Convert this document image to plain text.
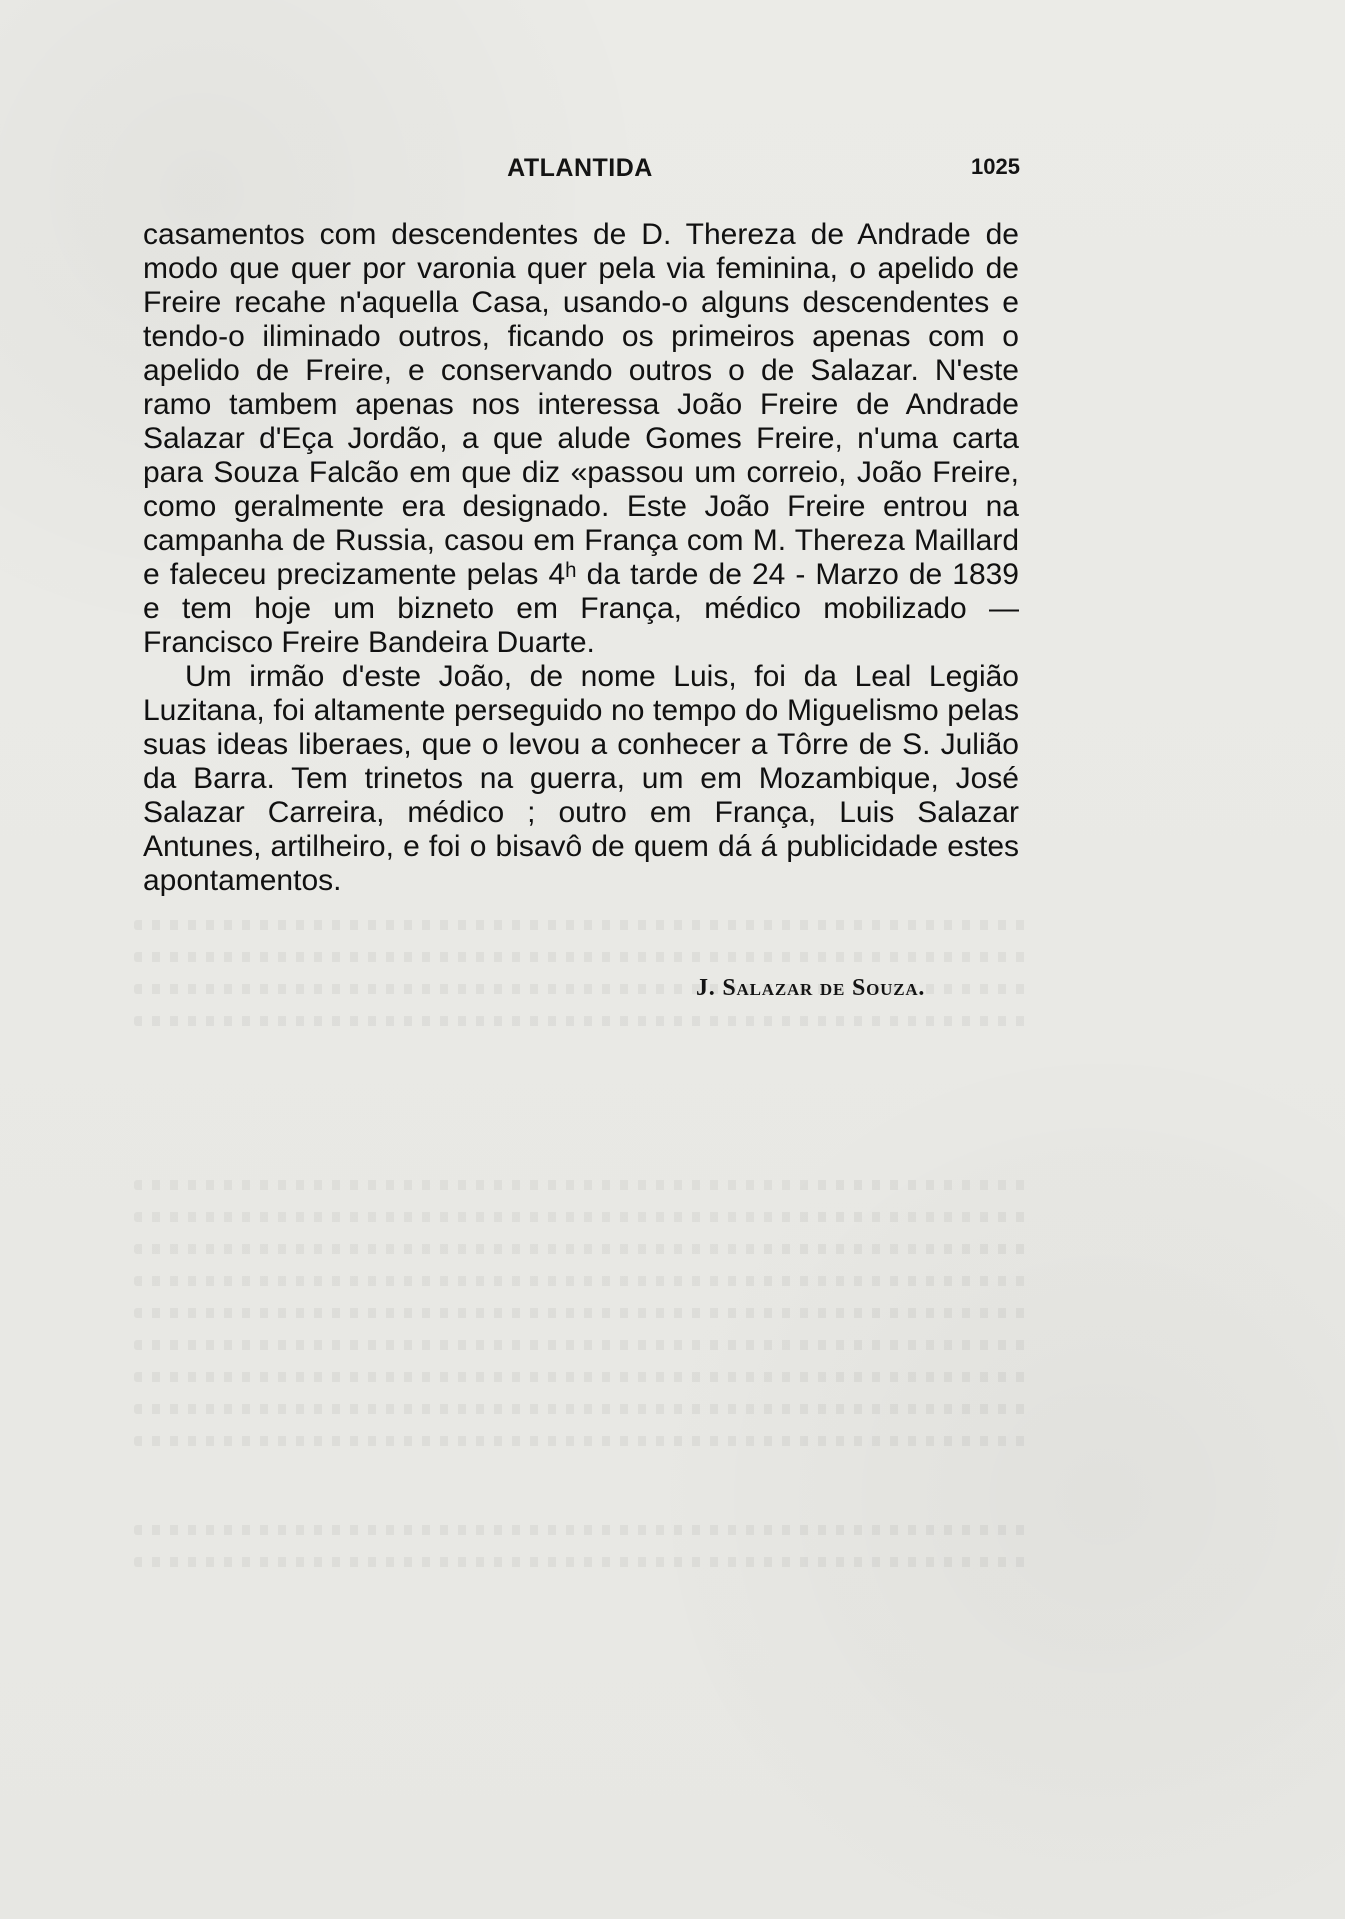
ATLANTIDA	1025

casamentos com descendentes de D. Thereza de Andrade de modo que quer por varonia quer pela via feminina, o apelido de Freire recahe n'aquella Casa, usando-o alguns descendentes e tendo-o iliminado outros, ficando os primeiros apenas com o apelido de Freire, e conservando outros o de Salazar. N'este ramo tambem apenas nos interessa João Freire de Andrade Salazar d'Eça Jordão, a que alude Gomes Freire, n'uma carta para Souza Falcão em que diz «passou um correio, João Freire, como geralmente era designado. Este João Freire entrou na campanha de Russia, casou em França com M. Thereza Maillard e faleceu precizamente pelas 4ʰ da tarde de 24 - Marzo de 1839 e tem hoje um bizneto em França, médico mobilizado — Francisco Freire Bandeira Duarte.

Um irmão d'este João, de nome Luis, foi da Leal Legião Luzitana, foi altamente perseguido no tempo do Miguelismo pelas suas ideas liberaes, que o levou a conhecer a Tôrre de S. Julião da Barra. Tem trinetos na guerra, um em Mozambique, José Salazar Carreira, médico ; outro em França, Luis Salazar Antunes, artilheiro, e foi o bisavô de quem dá á publicidade estes apontamentos.

J. Salazar de Souza.
